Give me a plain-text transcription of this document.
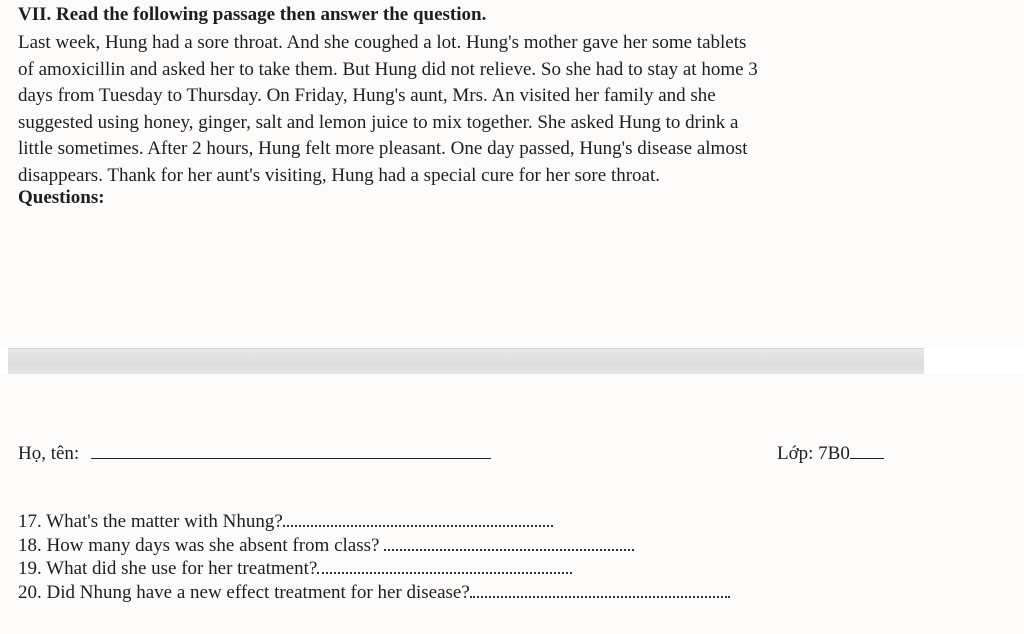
VII. Read the following passage then answer the question.
Last week, Hung had a sore throat. And she coughed a lot. Hung's mother gave her some tablets
of amoxicillin and asked her to take them. But Hung did not relieve. So she had to stay at home 3
days from Tuesday to Thursday. On Friday, Hung's aunt, Mrs. An visited her family and she
suggested using honey, ginger, salt and lemon juice to mix together. She asked Hung to drink a
little sometimes. After 2 hours, Hung felt more pleasant. One day passed, Hung's disease almost
disappears. Thank for her aunt's visiting, Hung had a special cure for her sore throat.
Questions:
Họ, tên:	Lớp: 7B0
17. What's the matter with Nhung?
18. How many days was she absent from class?
19. What did she use for her treatment?
20. Did Nhung have a new effect treatment for her disease?
